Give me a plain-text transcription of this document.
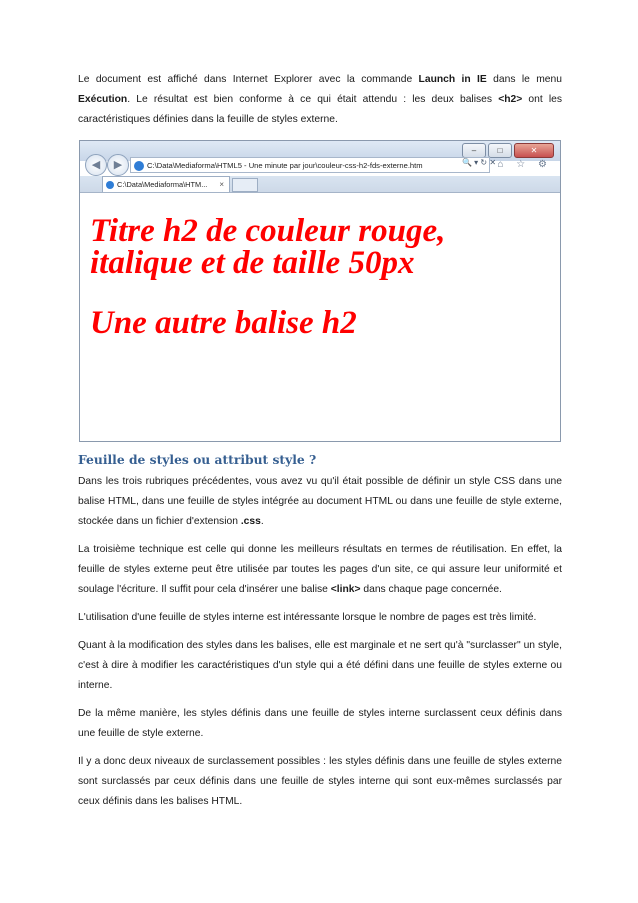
Le document est affiché dans Internet Explorer avec la commande Launch in IE dans le menu Exécution. Le résultat est bien conforme à ce qui était attendu : les deux balises <h2> ont les caractéristiques définies dans la feuille de styles externe.

–	□	✕
◀	▶	C:\Data\Mediaforma\HTML5 - Une minute par jour\couleur-css-h2-fds-externe.htm	🔍 ▾ ↻ ✕ ⌂ ☆ ⚙
C:\Data\Mediaforma\HTM... ×
Titre h2 de couleur rouge,
italique et de taille 50px
Une autre balise h2
Feuille de styles ou attribut style ?

Dans les trois rubriques précédentes, vous avez vu qu'il était possible de définir un style CSS dans une balise HTML, dans une feuille de styles intégrée au document HTML ou dans une feuille de style externe, stockée dans un fichier d'extension .css.

La troisième technique est celle qui donne les meilleurs résultats en termes de réutilisation. En effet, la feuille de styles externe peut être utilisée par toutes les pages d'un site, ce qui assure leur uniformité et soulage l'écriture. Il suffit pour cela d'insérer une balise <link> dans chaque page concernée.

L'utilisation d'une feuille de styles interne est intéressante lorsque le nombre de pages est très limité.

Quant à la modification des styles dans les balises, elle est marginale et ne sert qu'à "surclasser" un style, c'est à dire à modifier les caractéristiques d'un style qui a été défini dans une feuille de styles externe ou interne.

De la même manière, les styles définis dans une feuille de styles interne surclassent ceux définis dans une feuille de style externe.

Il y a donc deux niveaux de surclassement possibles : les styles définis dans une feuille de styles externe sont surclassés par ceux définis dans une feuille de styles interne qui sont eux-mêmes surclassés par ceux définis dans les balises HTML.
